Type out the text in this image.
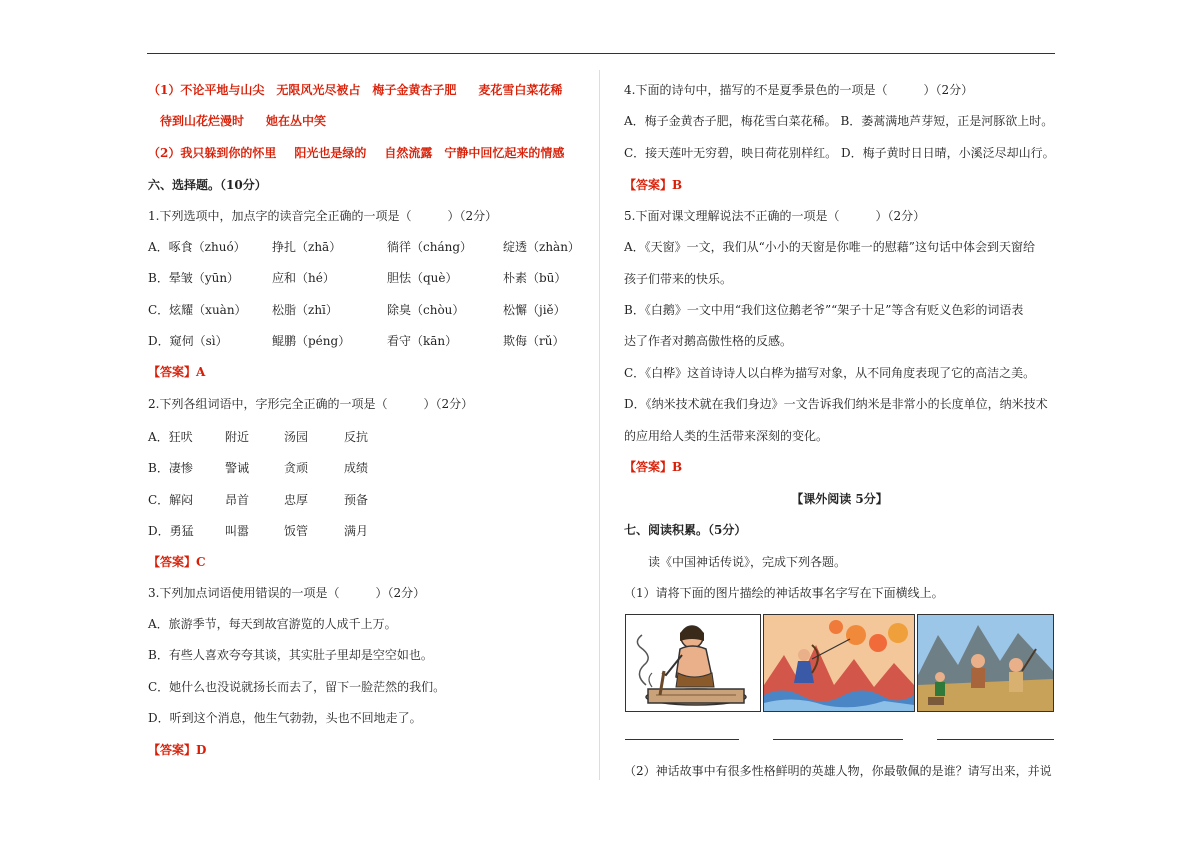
（1）不论平地与山尖 无限风光尽被占 梅子金黄杏子肥 麦花雪白菜花稀
待到山花烂漫时 她在丛中笑
（2）我只躲到你的怀里 阳光也是绿的 自然流露 宁静中回忆起来的情感
六、选择题。（10分）
1.下列选项中，加点字的读音完全正确的一项是（　　　）（2分）
A．啄食（zhuó） 挣扎（zhā）	徜徉（cháng）	绽透（zhàn）
B．晕皱（yūn）	应和（hé）	胆怯（què）	朴素（bū）
C．炫耀（xuàn） 松脂（zhī）	除臭（chòu）	松懈（jiě）
D．窥伺（sì）	鲲鹏（péng）	看守（kān）	欺侮（rǔ）
【答案】A
2.下列各组词语中，字形完全正确的一项是（　　　）（2分）
A．狂吠	附近	汤园	反抗
B．凄惨	警诫	贪顽	成绩
C．解闷	昂首	忠厚	预备
D．勇猛	叫嚣	饭管	满月
【答案】C
3.下列加点词语使用错误的一项是（　　　）（2分）
A．旅游季节，每天到故宫游览的人成千上万。
B．有些人喜欢夸夸其谈，其实肚子里却是空空如也。
C．她什么也没说就扬长而去了，留下一脸茫然的我们。
D．听到这个消息，他生气勃勃，头也不回地走了。
【答案】D
4.下面的诗句中，描写的不是夏季景色的一项是（　　　）（2分）
A．梅子金黄杏子肥，梅花雪白菜花稀。 B．萎蒿满地芦芽短，正是河豚欲上时。
C．接天莲叶无穷碧，映日荷花别样红。 D．梅子黄时日日晴，小溪泛尽却山行。
【答案】B
5.下面对课文理解说法不正确的一项是（　　　）（2分）
A．《天窗》一文，我们从“小小的天窗是你唯一的慰藉”这句话中体会到天窗给
孩子们带来的快乐。
B．《白鹅》一文中用“我们这位鹅老爷”“架子十足”等含有贬义色彩的词语表
达了作者对鹅高傲性格的反感。
C．《白桦》这首诗诗人以白桦为描写对象，从不同角度表现了它的高洁之美。
D．《纳米技术就在我们身边》一文告诉我们纳米是非常小的长度单位，纳米技术
的应用给人类的生活带来深刻的变化。
【答案】B
【课外阅读 5分】
七、阅读积累。（5分）
读《中国神话传说》，完成下列各题。
（1）请将下面的图片描绘的神话故事名字写在下面横线上。
（2）神话故事中有很多性格鲜明的英雄人物，你最敬佩的是谁？请写出来，并说
